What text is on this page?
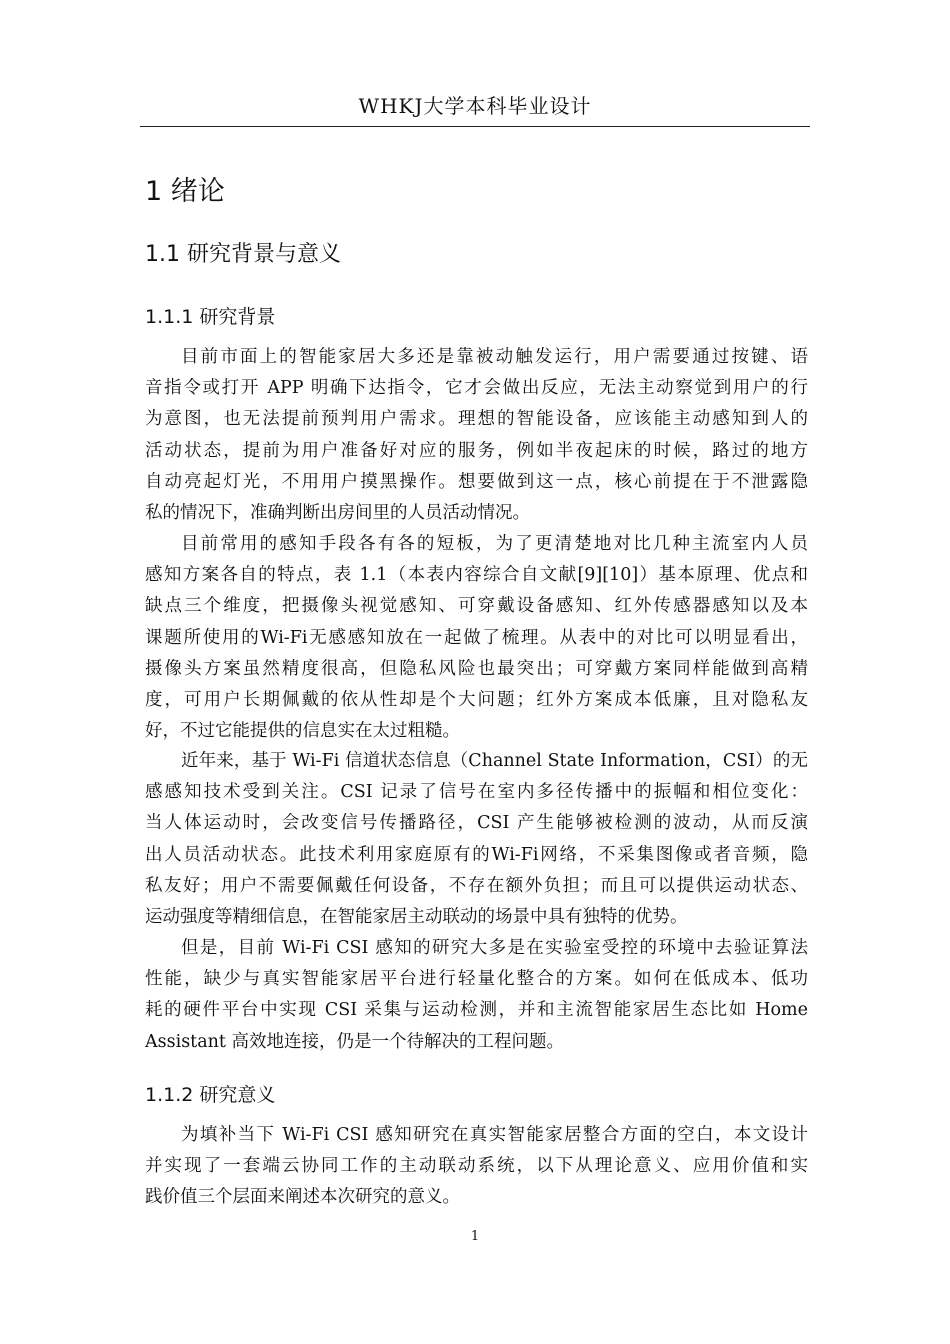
WHKJ大学本科毕业设计
1 绪论
1.1 研究背景与意义
1.1.1 研究背景
目前市面上的智能家居大多还是靠被动触发运行，用户需要通过按键、语
音指令或打开 APP 明确下达指令，它才会做出反应，无法主动察觉到用户的行
为意图，也无法提前预判用户需求。理想的智能设备，应该能主动感知到人的
活动状态，提前为用户准备好对应的服务，例如半夜起床的时候，路过的地方
自动亮起灯光，不用用户摸黑操作。想要做到这一点，核心前提在于不泄露隐
私的情况下，准确判断出房间里的人员活动情况。
目前常用的感知手段各有各的短板，为了更清楚地对比几种主流室内人员
感知方案各自的特点，表 1.1（本表内容综合自文献[9][10]）基本原理、优点和
缺点三个维度，把摄像头视觉感知、可穿戴设备感知、红外传感器感知以及本
课题所使用的Wi-Fi无感感知放在一起做了梳理。从表中的对比可以明显看出，
摄像头方案虽然精度很高，但隐私风险也最突出；可穿戴方案同样能做到高精
度，可用户长期佩戴的依从性却是个大问题；红外方案成本低廉，且对隐私友
好，不过它能提供的信息实在太过粗糙。
近年来，基于 Wi-Fi 信道状态信息（Channel State Information，CSI）的无
感感知技术受到关注。CSI 记录了信号在室内多径传播中的振幅和相位变化：
当人体运动时，会改变信号传播路径，CSI 产生能够被检测的波动，从而反演
出人员活动状态。此技术利用家庭原有的Wi-Fi网络，不采集图像或者音频，隐
私友好；用户不需要佩戴任何设备，不存在额外负担；而且可以提供运动状态、
运动强度等精细信息，在智能家居主动联动的场景中具有独特的优势。
但是，目前 Wi-Fi CSI 感知的研究大多是在实验室受控的环境中去验证算法
性能，缺少与真实智能家居平台进行轻量化整合的方案。如何在低成本、低功
耗的硬件平台中实现 CSI 采集与运动检测，并和主流智能家居生态比如 Home
Assistant 高效地连接，仍是一个待解决的工程问题。
1.1.2 研究意义
为填补当下 Wi-Fi CSI 感知研究在真实智能家居整合方面的空白，本文设计
并实现了一套端云协同工作的主动联动系统，以下从理论意义、应用价值和实
践价值三个层面来阐述本次研究的意义。
1
